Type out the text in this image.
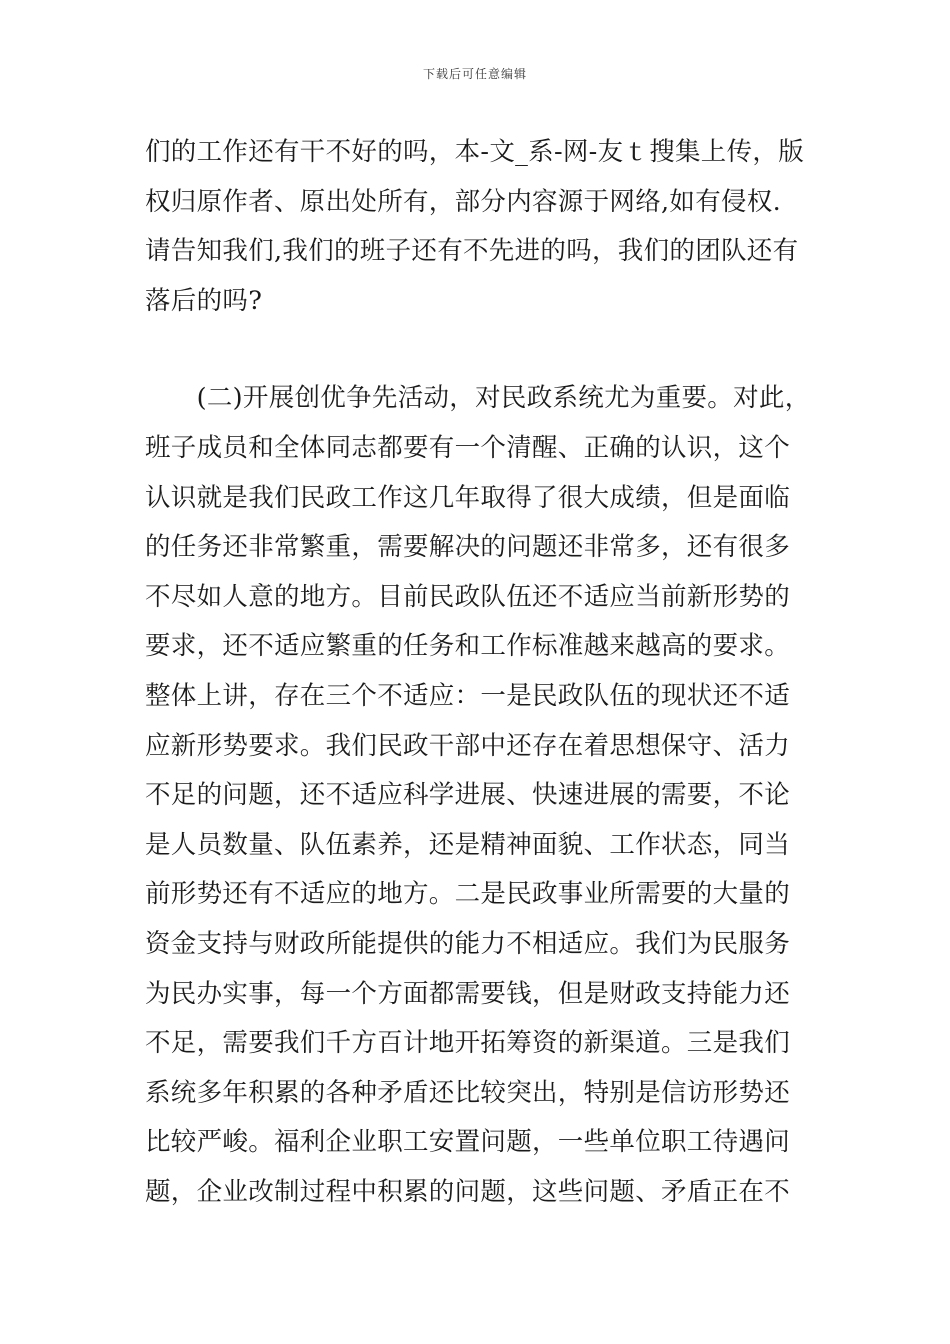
下载后可任意编辑
们的工作还有干不好的吗，本-文_系-网-友ｔ搜集上传，版
权归原作者、原出处所有，部分内容源于网络,如有侵权.
请告知我们,我们的班子还有不先进的吗，我们的团队还有
落后的吗?
　　(二)开展创优争先活动，对民政系统尤为重要。对此，
班子成员和全体同志都要有一个清醒、正确的认识，这个
认识就是我们民政工作这几年取得了很大成绩，但是面临
的任务还非常繁重，需要解决的问题还非常多，还有很多
不尽如人意的地方。目前民政队伍还不适应当前新形势的
要求，还不适应繁重的任务和工作标准越来越高的要求。
整体上讲，存在三个不适应：一是民政队伍的现状还不适
应新形势要求。我们民政干部中还存在着思想保守、活力
不足的问题，还不适应科学进展、快速进展的需要，不论
是人员数量、队伍素养，还是精神面貌、工作状态，同当
前形势还有不适应的地方。二是民政事业所需要的大量的
资金支持与财政所能提供的能力不相适应。我们为民服务
为民办实事，每一个方面都需要钱，但是财政支持能力还
不足，需要我们千方百计地开拓筹资的新渠道。三是我们
系统多年积累的各种矛盾还比较突出，特别是信访形势还
比较严峻。福利企业职工安置问题，一些单位职工待遇问
题，企业改制过程中积累的问题，这些问题、矛盾正在不
